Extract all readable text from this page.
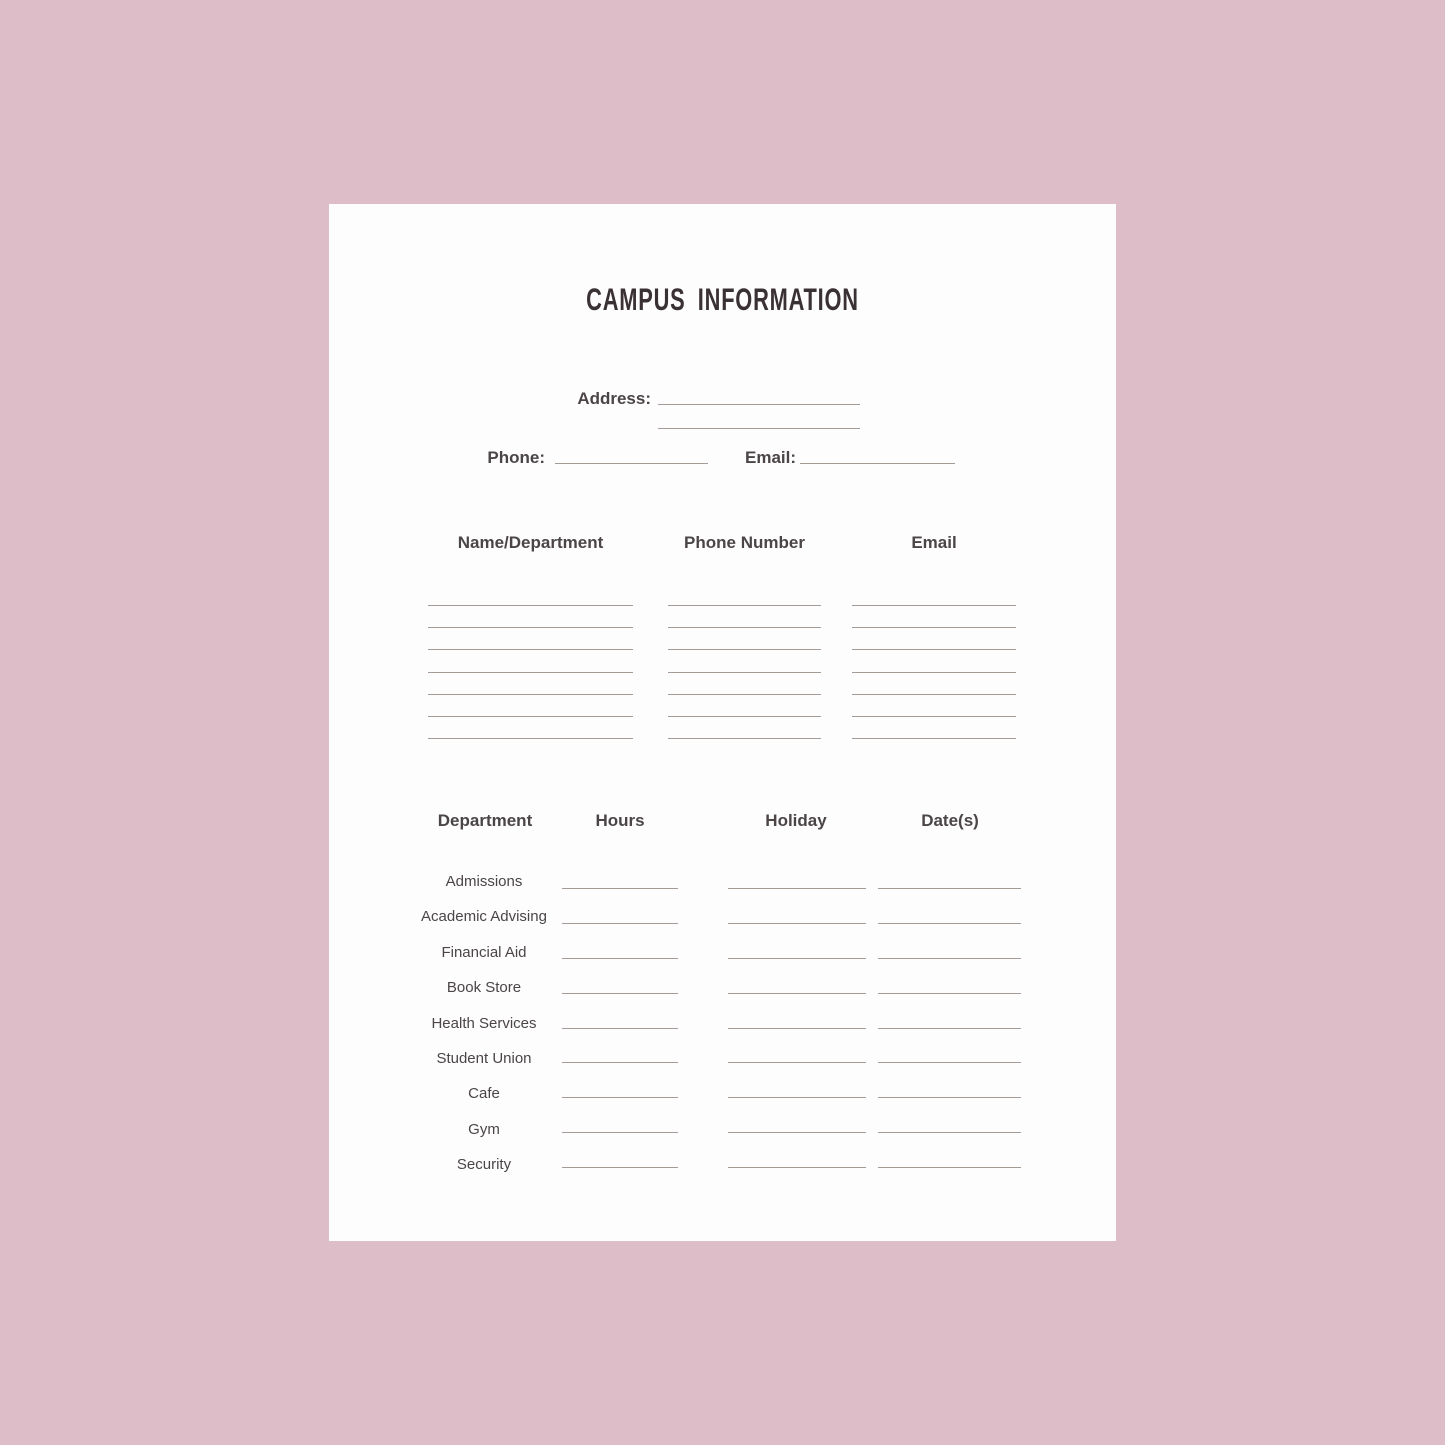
CAMPUS INFORMATION
Address:
Phone:	Email:
Name/Department	Phone Number	Email
Department	Hours	Holiday	Date(s)
Admissions
Academic Advising
Financial Aid
Book Store
Health Services
Student Union
Cafe
Gym
Security
